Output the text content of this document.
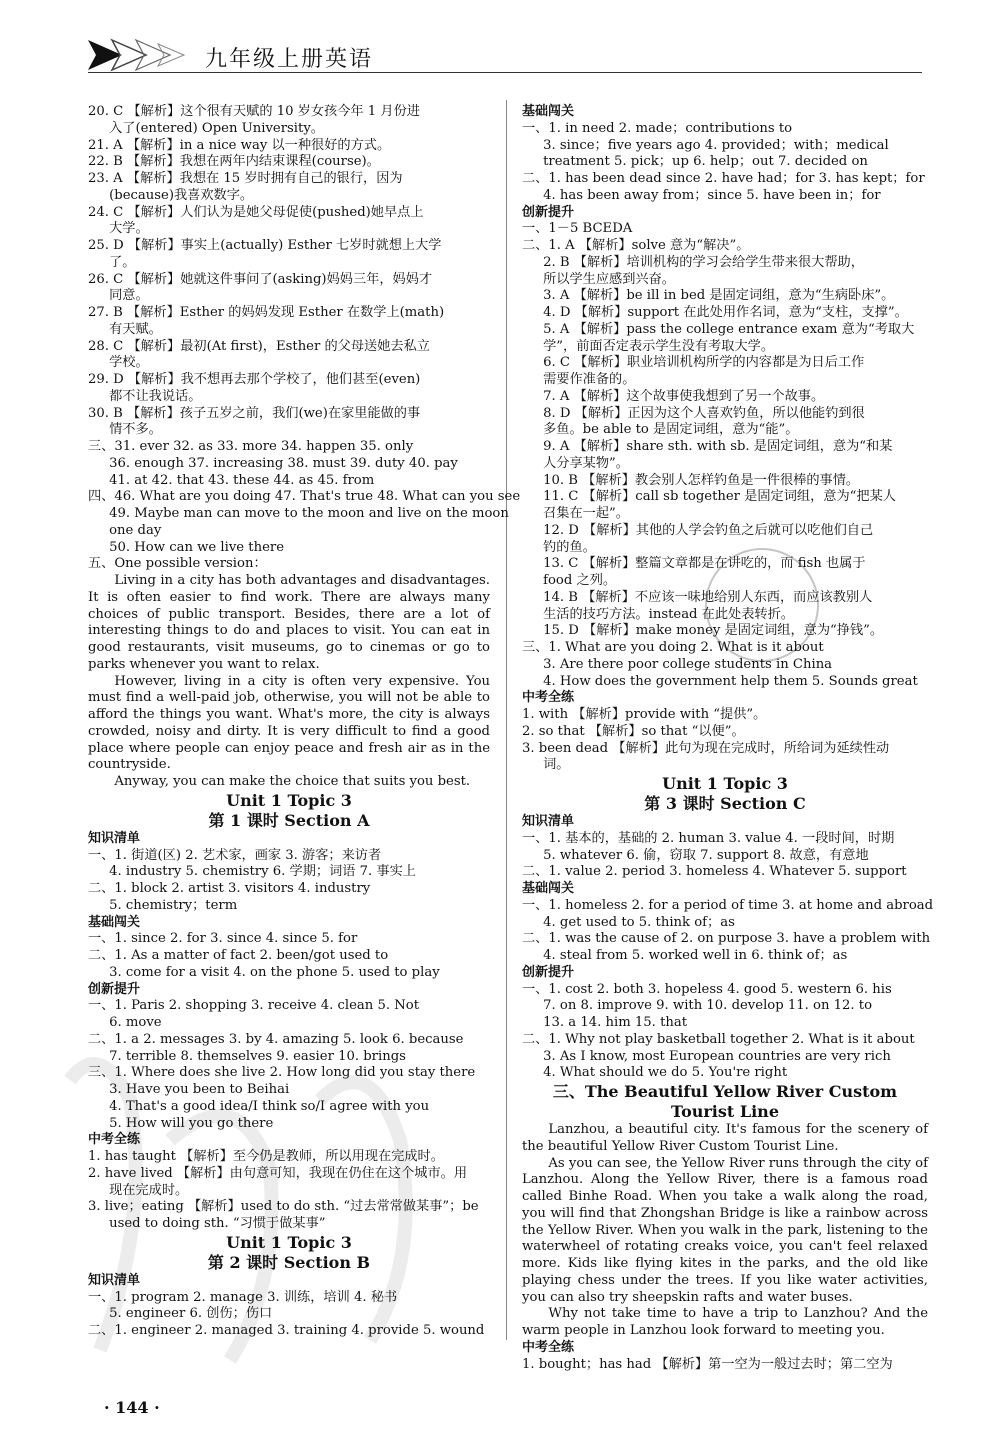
九年级上册英语

20. C 【解析】这个很有天赋的 10 岁女孩今年 1 月份进

入了(entered) Open University。

21. A 【解析】in a nice way 以一种很好的方式。

22. B 【解析】我想在两年内结束课程(course)。

23. A 【解析】我想在 15 岁时拥有自己的银行，因为

(because)我喜欢数字。

24. C 【解析】人们认为是她父母促使(pushed)她早点上

大学。

25. D 【解析】事实上(actually) Esther 七岁时就想上大学

了。

26. C 【解析】她就这件事问了(asking)妈妈三年，妈妈才

同意。

27. B 【解析】Esther 的妈妈发现 Esther 在数学上(math)

有天赋。

28. C 【解析】最初(At first)，Esther 的父母送她去私立

学校。

29. D 【解析】我不想再去那个学校了，他们甚至(even)

都不让我说话。

30. B 【解析】孩子五岁之前，我们(we)在家里能做的事

情不多。

三、31. ever 32. as 33. more 34. happen 35. only

36. enough 37. increasing 38. must 39. duty 40. pay

41. at 42. that 43. these 44. as 45. from

四、46. What are you doing 47. That's true 48. What can you see

49. Maybe man can move to the moon and live on the moon

one day

50. How can we live there

五、One possible version：

Living in a city has both advantages and disadvantages. It is often easier to find work. There are always many choices of public transport. Besides, there are a lot of interesting things to do and places to visit. You can eat in good restaurants, visit museums, go to cinemas or go to parks whenever you want to relax.

However, living in a city is often very expensive. You must find a well-paid job, otherwise, you will not be able to afford the things you want. What's more, the city is always crowded, noisy and dirty. It is very difficult to find a good place where people can enjoy peace and fresh air as in the countryside.

Anyway, you can make the choice that suits you best.

Unit 1 Topic 3

第 1 课时 Section A

知识清单

一、1. 街道(区) 2. 艺术家，画家 3. 游客；来访者

4. industry 5. chemistry 6. 学期；词语 7. 事实上

二、1. block 2. artist 3. visitors 4. industry

5. chemistry；term

基础闯关

一、1. since 2. for 3. since 4. since 5. for

二、1. As a matter of fact 2. been/got used to

3. come for a visit 4. on the phone 5. used to play

创新提升

一、1. Paris 2. shopping 3. receive 4. clean 5. Not

6. move

二、1. a 2. messages 3. by 4. amazing 5. look 6. because

7. terrible 8. themselves 9. easier 10. brings

三、1. Where does she live 2. How long did you stay there

3. Have you been to Beihai

4. That's a good idea/I think so/I agree with you

5. How will you go there

中考全练

1. has taught 【解析】至今仍是教师，所以用现在完成时。

2. have lived 【解析】由句意可知，我现在仍住在这个城市。用

现在完成时。

3. live；eating 【解析】used to do sth. “过去常常做某事”；be

used to doing sth. “习惯于做某事”

Unit 1 Topic 3

第 2 课时 Section B

知识清单

一、1. program 2. manage 3. 训练，培训 4. 秘书

5. engineer 6. 创伤；伤口

二、1. engineer 2. managed 3. training 4. provide 5. wound

基础闯关

一、1. in need 2. made；contributions to

3. since；five years ago 4. provided；with；medical

treatment 5. pick；up 6. help；out 7. decided on

二、1. has been dead since 2. have had；for 3. has kept；for

4. has been away from；since 5. have been in；for

创新提升

一、1－5 BCEDA

二、1. A 【解析】solve 意为“解决”。

2. B 【解析】培训机构的学习会给学生带来很大帮助，

所以学生应感到兴奋。

3. A 【解析】be ill in bed 是固定词组，意为“生病卧床”。

4. D 【解析】support 在此处用作名词，意为“支柱，支撑”。

5. A 【解析】pass the college entrance exam 意为“考取大

学”，前面否定表示学生没有考取大学。

6. C 【解析】职业培训机构所学的内容都是为日后工作

需要作准备的。

7. A 【解析】这个故事使我想到了另一个故事。

8. D 【解析】正因为这个人喜欢钓鱼，所以他能钓到很

多鱼。be able to 是固定词组，意为“能”。

9. A 【解析】share sth. with sb. 是固定词组，意为“和某

人分享某物”。

10. B 【解析】教会别人怎样钓鱼是一件很棒的事情。

11. C 【解析】call sb together 是固定词组，意为“把某人

召集在一起”。

12. D 【解析】其他的人学会钓鱼之后就可以吃他们自己

钓的鱼。

13. C 【解析】整篇文章都是在讲吃的，而 fish 也属于

food 之列。

14. B 【解析】不应该一味地给别人东西，而应该教别人

生活的技巧方法。instead 在此处表转折。

15. D 【解析】make money 是固定词组，意为“挣钱”。

三、1. What are you doing 2. What is it about

3. Are there poor college students in China

4. How does the government help them 5. Sounds great

中考全练

1. with 【解析】provide with “提供”。

2. so that 【解析】so that “以便”。

3. been dead 【解析】此句为现在完成时，所给词为延续性动

词。

Unit 1 Topic 3

第 3 课时 Section C

知识清单

一、1. 基本的，基础的 2. human 3. value 4. 一段时间，时期

5. whatever 6. 偷，窃取 7. support 8. 故意，有意地

二、1. value 2. period 3. homeless 4. Whatever 5. support

基础闯关

一、1. homeless 2. for a period of time 3. at home and abroad

4. get used to 5. think of；as

二、1. was the cause of 2. on purpose 3. have a problem with

4. steal from 5. worked well in 6. think of；as

创新提升

一、1. cost 2. both 3. hopeless 4. good 5. western 6. his

7. on 8. improve 9. with 10. develop 11. on 12. to

13. a 14. him 15. that

二、1. Why not play basketball together 2. What is it about

3. As I know, most European countries are very rich

4. What should we do 5. You're right

三、The Beautiful Yellow River Custom Tourist Line

Lanzhou, a beautiful city. It's famous for the scenery of the beautiful Yellow River Custom Tourist Line.

As you can see, the Yellow River runs through the city of Lanzhou. Along the Yellow River, there is a famous road called Binhe Road. When you take a walk along the road, you will find that Zhongshan Bridge is like a rainbow across the Yellow River. When you walk in the park, listening to the waterwheel of rotating creaks voice, you can't feel relaxed more. Kids like flying kites in the parks, and the old like playing chess under the trees. If you like water activities, you can also try sheepskin rafts and water buses.

Why not take time to have a trip to Lanzhou? And the warm people in Lanzhou look forward to meeting you.

中考全练

1. bought；has had 【解析】第一空为一般过去时；第二空为

· 144 ·
